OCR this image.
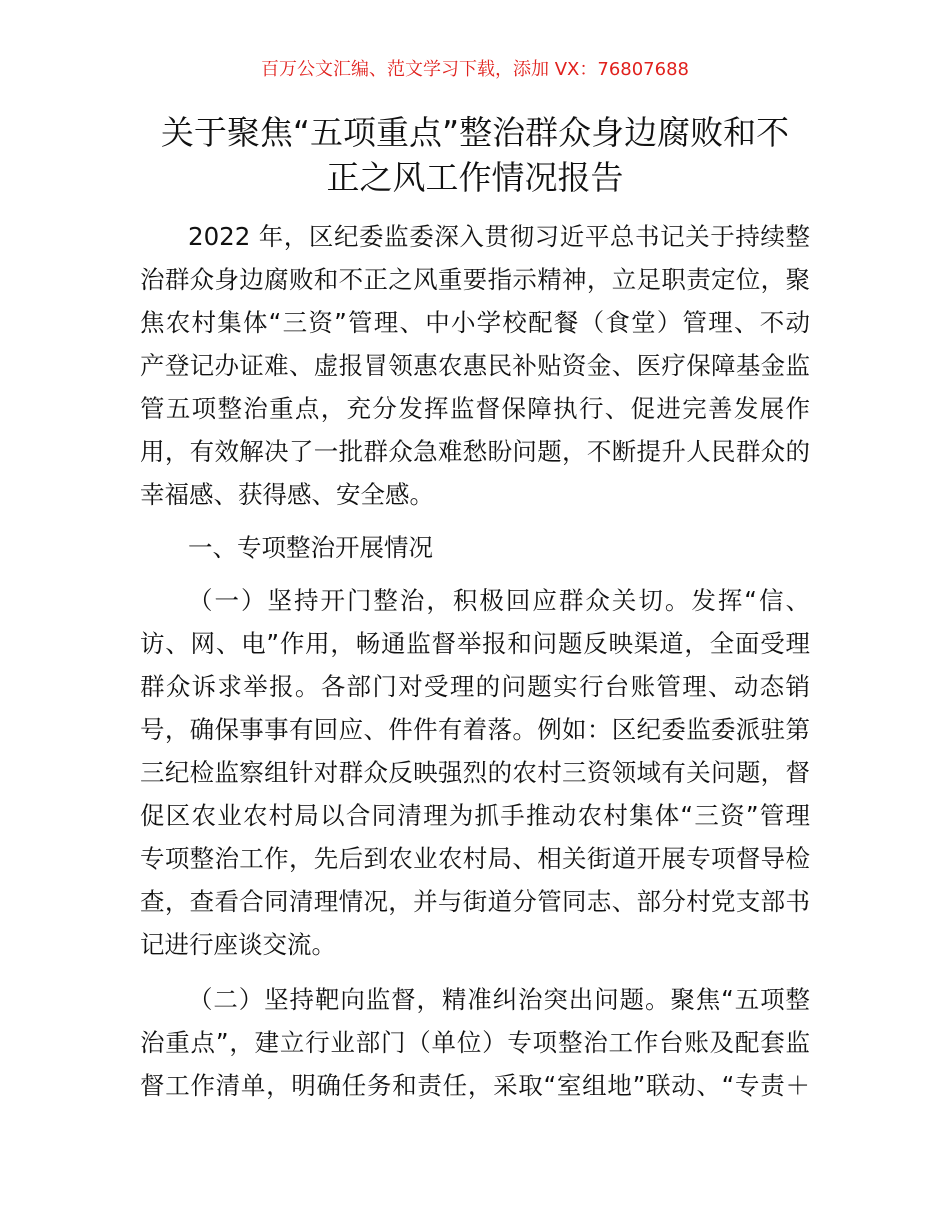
百万公文汇编、范文学习下载，添加 VX：76807688
关于聚焦“五项重点”整治群众身边腐败和不
正之风工作情况报告
2022 年，区纪委监委深入贯彻习近平总书记关于持续整
治群众身边腐败和不正之风重要指示精神，立足职责定位，聚
焦农村集体“三资”管理、中小学校配餐（食堂）管理、不动
产登记办证难、虚报冒领惠农惠民补贴资金、医疗保障基金监
管五项整治重点，充分发挥监督保障执行、促进完善发展作
用，有效解决了一批群众急难愁盼问题，不断提升人民群众的
幸福感、获得感、安全感。
一、专项整治开展情况
（一）坚持开门整治，积极回应群众关切。发挥“信、
访、网、电”作用，畅通监督举报和问题反映渠道，全面受理
群众诉求举报。各部门对受理的问题实行台账管理、动态销
号，确保事事有回应、件件有着落。例如：区纪委监委派驻第
三纪检监察组针对群众反映强烈的农村三资领域有关问题，督
促区农业农村局以合同清理为抓手推动农村集体“三资”管理
专项整治工作，先后到农业农村局、相关街道开展专项督导检
查，查看合同清理情况，并与街道分管同志、部分村党支部书
记进行座谈交流。
（二）坚持靶向监督，精准纠治突出问题。聚焦“五项整
治重点”，建立行业部门（单位）专项整治工作台账及配套监
督工作清单，明确任务和责任，采取“室组地”联动、“专责＋
